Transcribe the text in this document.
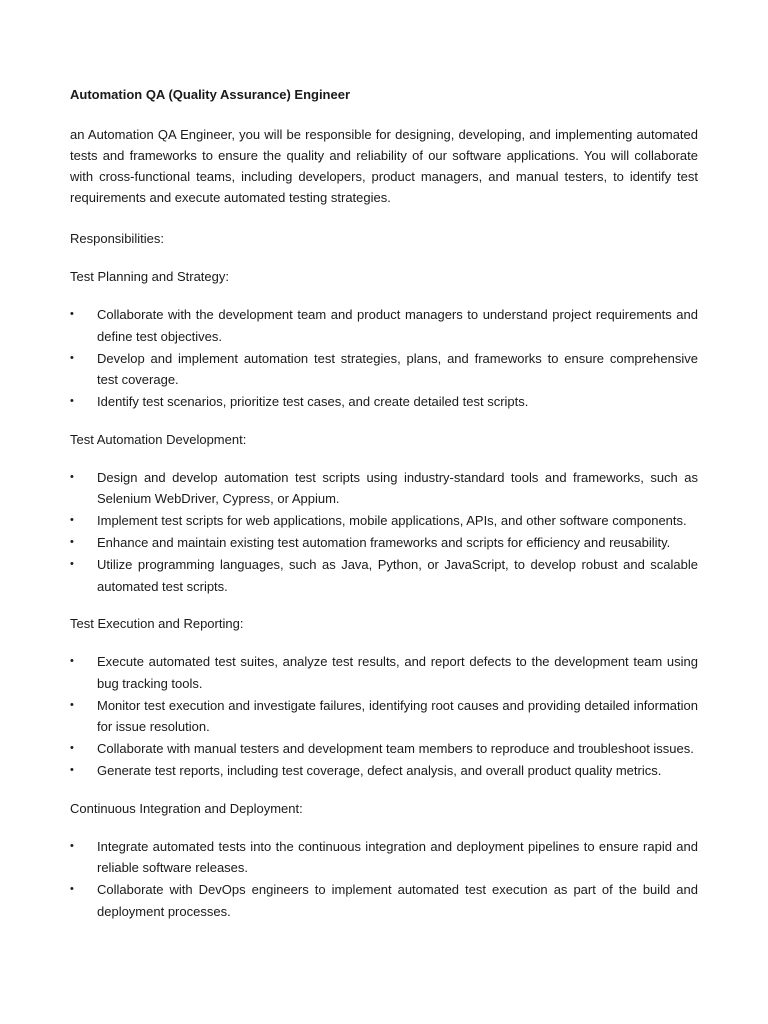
Automation QA (Quality Assurance) Engineer
an Automation QA Engineer, you will be responsible for designing, developing, and implementing automated tests and frameworks to ensure the quality and reliability of our software applications. You will collaborate with cross-functional teams, including developers, product managers, and manual testers, to identify test requirements and execute automated testing strategies.
Responsibilities:
Test Planning and Strategy:
• Collaborate with the development team and product managers to understand project requirements and define test objectives.
• Develop and implement automation test strategies, plans, and frameworks to ensure comprehensive test coverage.
• Identify test scenarios, prioritize test cases, and create detailed test scripts.
Test Automation Development:
• Design and develop automation test scripts using industry-standard tools and frameworks, such as Selenium WebDriver, Cypress, or Appium.
• Implement test scripts for web applications, mobile applications, APIs, and other software components.
• Enhance and maintain existing test automation frameworks and scripts for efficiency and reusability.
• Utilize programming languages, such as Java, Python, or JavaScript, to develop robust and scalable automated test scripts.
Test Execution and Reporting:
• Execute automated test suites, analyze test results, and report defects to the development team using bug tracking tools.
• Monitor test execution and investigate failures, identifying root causes and providing detailed information for issue resolution.
• Collaborate with manual testers and development team members to reproduce and troubleshoot issues.
• Generate test reports, including test coverage, defect analysis, and overall product quality metrics.
Continuous Integration and Deployment:
• Integrate automated tests into the continuous integration and deployment pipelines to ensure rapid and reliable software releases.
• Collaborate with DevOps engineers to implement automated test execution as part of the build and deployment processes.
